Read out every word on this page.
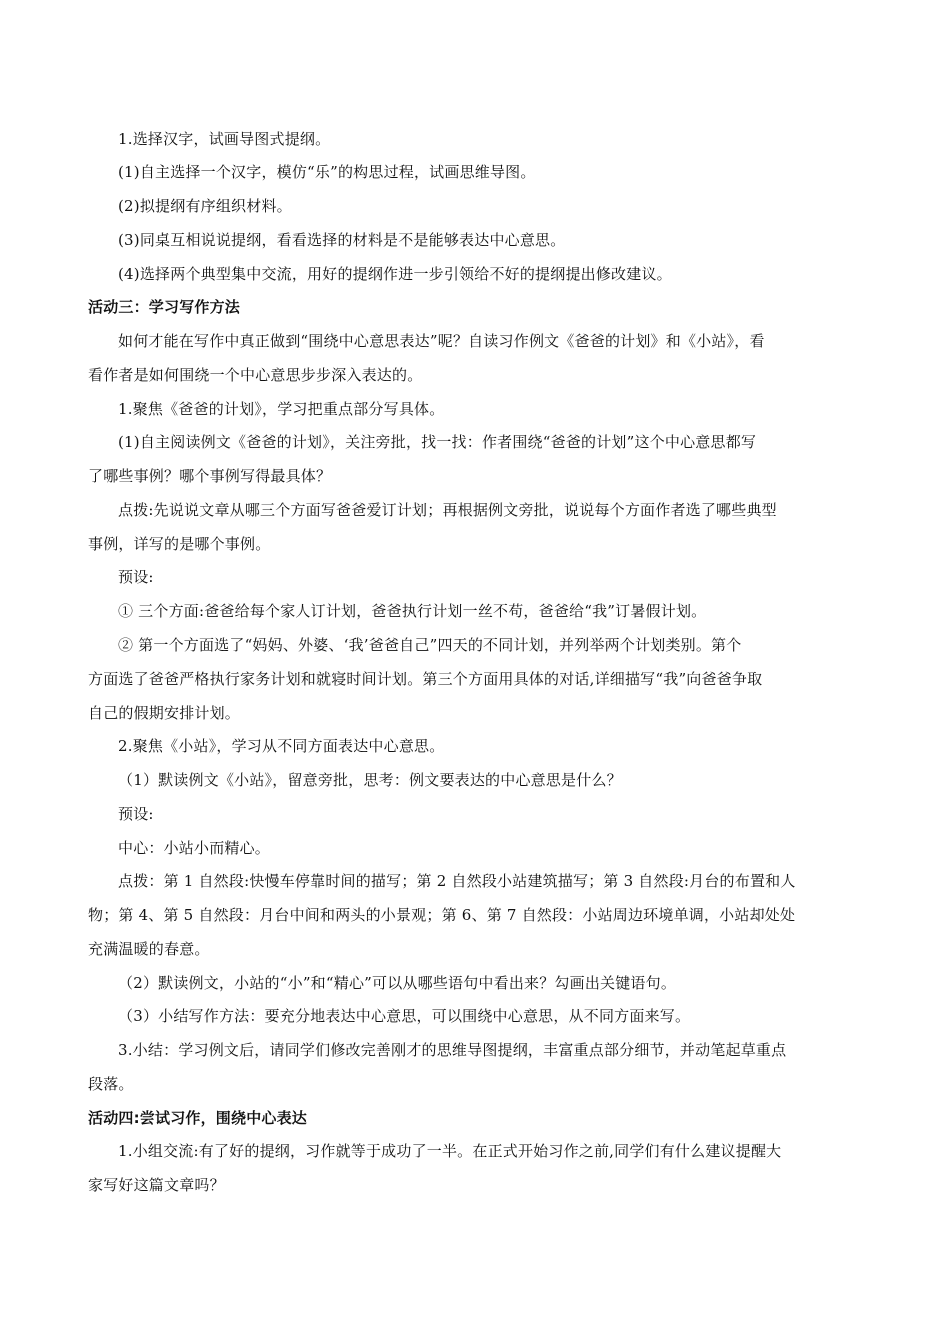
1.选择汉字，试画导图式提纲。
(1)自主选择一个汉字，模仿“乐”的构思过程，试画思维导图。
(2)拟提纲有序组织材料。
(3)同桌互相说说提纲，看看选择的材料是不是能够表达中心意思。
(4)选择两个典型集中交流，用好的提纲作进一步引领给不好的提纲提出修改建议。
活动三：学习写作方法
如何才能在写作中真正做到“围绕中心意思表达”呢？自读习作例文《爸爸的计划》和《小站》，看
看作者是如何围绕一个中心意思步步深入表达的。
1.聚焦《爸爸的计划》，学习把重点部分写具体。
(1)自主阅读例文《爸爸的计划》，关注旁批，找一找：作者围绕“爸爸的计划”这个中心意思都写
了哪些事例？哪个事例写得最具体？
点拨:先说说文章从哪三个方面写爸爸爱订计划；再根据例文旁批，说说每个方面作者选了哪些典型
事例，详写的是哪个事例。
预设:
① 三个方面:爸爸给每个家人订计划，爸爸执行计划一丝不苟，爸爸给“我”订暑假计划。
② 第一个方面选了“妈妈、外婆、‘我’爸爸自己”四天的不同计划，并列举两个计划类别。第个
方面选了爸爸严格执行家务计划和就寝时间计划。第三个方面用具体的对话,详细描写“我”向爸爸争取
自己的假期安排计划。
2.聚焦《小站》，学习从不同方面表达中心意思。
（1）默读例文《小站》，留意旁批，思考：例文要表达的中心意思是什么？
预设:
中心：小站小而精心。
点拨：第 1 自然段:快慢车停靠时间的描写；第 2 自然段小站建筑描写；第 3 自然段:月台的布置和人
物；第 4、第 5 自然段：月台中间和两头的小景观；第 6、第 7 自然段：小站周边环境单调，小站却处处
充满温暖的春意。
（2）默读例文，小站的“小”和“精心”可以从哪些语句中看出来？勾画出关键语句。
（3）小结写作方法：要充分地表达中心意思，可以围绕中心意思，从不同方面来写。
3.小结：学习例文后，请同学们修改完善刚才的思维导图提纲，丰富重点部分细节，并动笔起草重点
段落。
活动四:尝试习作，围绕中心表达
1.小组交流:有了好的提纲，习作就等于成功了一半。在正式开始习作之前,同学们有什么建议提醒大
家写好这篇文章吗？
